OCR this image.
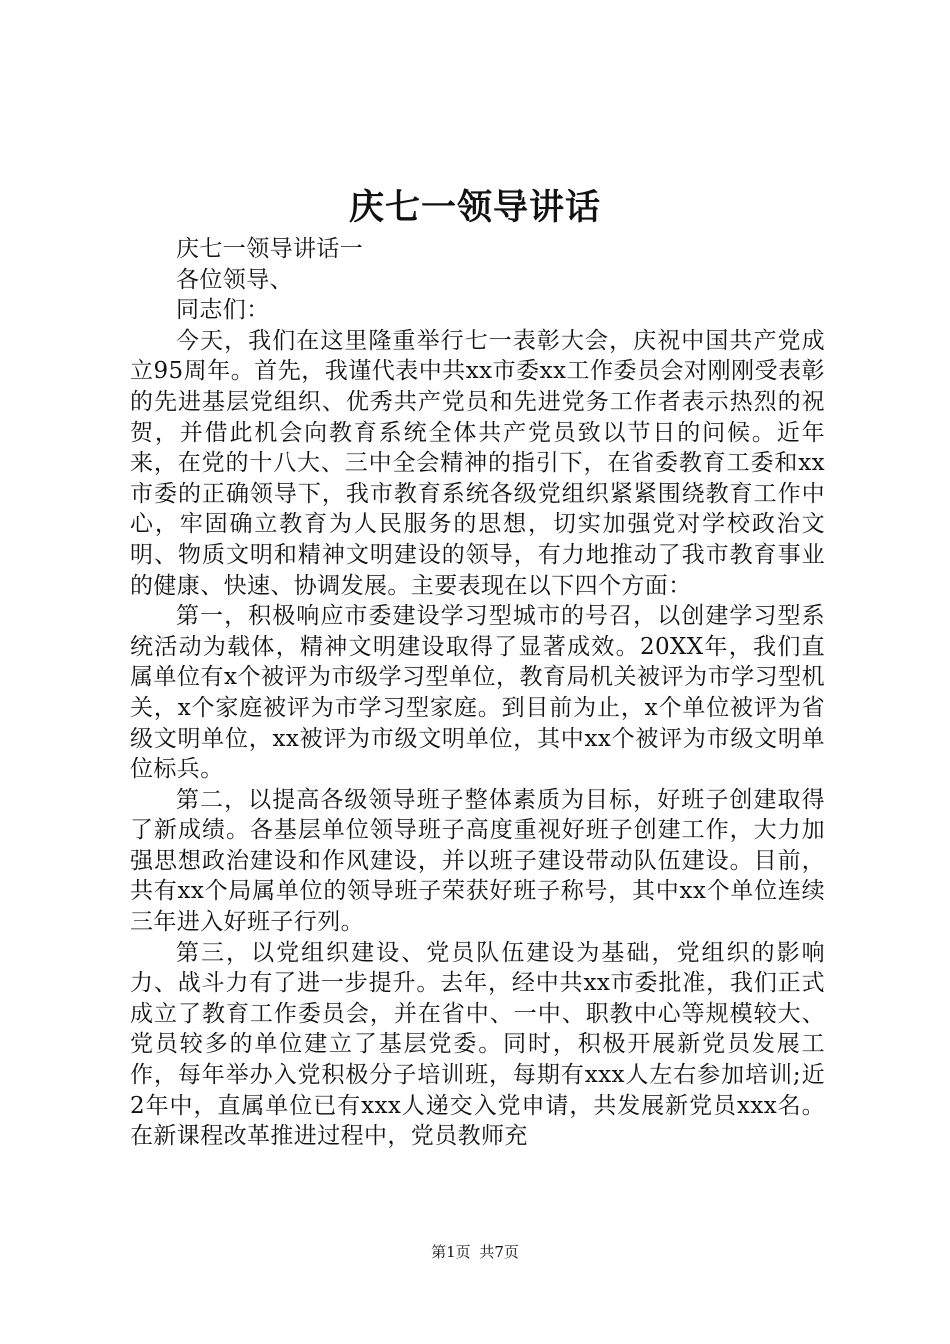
庆七一领导讲话

庆七一领导讲话一

各位领导、

同志们：

今天，我们在这里隆重举行七一表彰大会，庆祝中国共产党成立95周年。首先，我谨代表中共xx市委xx工作委员会对刚刚受表彰的先进基层党组织、优秀共产党员和先进党务工作者表示热烈的祝贺，并借此机会向教育系统全体共产党员致以节日的问候。近年来，在党的十八大、三中全会精神的指引下，在省委教育工委和xx市委的正确领导下，我市教育系统各级党组织紧紧围绕教育工作中心，牢固确立教育为人民服务的思想，切实加强党对学校政治文明、物质文明和精神文明建设的领导，有力地推动了我市教育事业的健康、快速、协调发展。主要表现在以下四个方面：

第一，积极响应市委建设学习型城市的号召，以创建学习型系统活动为载体，精神文明建设取得了显著成效。20XX年，我们直属单位有x个被评为市级学习型单位，教育局机关被评为市学习型机关，x个家庭被评为市学习型家庭。到目前为止，x个单位被评为省级文明单位，xx被评为市级文明单位，其中xx个被评为市级文明单位标兵。

第二，以提高各级领导班子整体素质为目标，好班子创建取得了新成绩。各基层单位领导班子高度重视好班子创建工作，大力加强思想政治建设和作风建设，并以班子建设带动队伍建设。目前，共有xx个局属单位的领导班子荣获好班子称号，其中xx个单位连续三年进入好班子行列。

第三，以党组织建设、党员队伍建设为基础，党组织的影响力、战斗力有了进一步提升。去年，经中共xx市委批准，我们正式成立了教育工作委员会，并在省中、一中、职教中心等规模较大、党员较多的单位建立了基层党委。同时，积极开展新党员发展工作，每年举办入党积极分子培训班，每期有xxx人左右参加培训;近2年中，直属单位已有xxx人递交入党申请，共发展新党员xxx名。在新课程改革推进过程中，党员教师充

第1页 共7页
